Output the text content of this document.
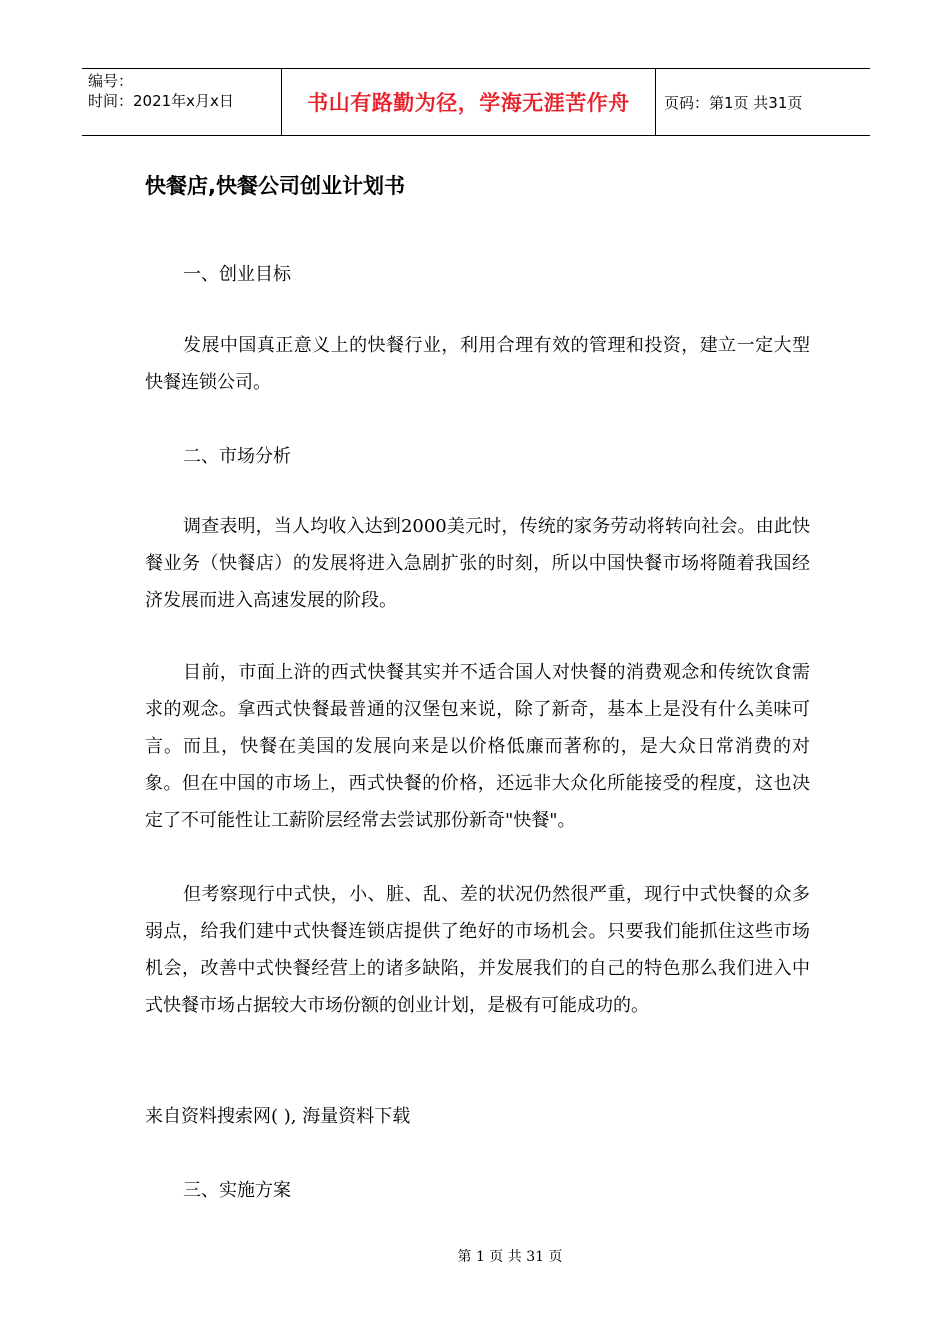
编号：
时间：2021年x月x日	书山有路勤为径，学海无涯苦作舟	页码：第1页 共31页
快餐店,快餐公司创业计划书
一、创业目标
发展中国真正意义上的快餐行业，利用合理有效的管理和投资，建立一定大型快餐连锁公司。
二、市场分析
调查表明，当人均收入达到2000美元时，传统的家务劳动将转向社会。由此快餐业务（快餐店）的发展将进入急剧扩张的时刻，所以中国快餐市场将随着我国经济发展而进入高速发展的阶段。
目前，市面上浒的西式快餐其实并不适合国人对快餐的消费观念和传统饮食需求的观念。拿西式快餐最普通的汉堡包来说，除了新奇，基本上是没有什么美味可言。而且，快餐在美国的发展向来是以价格低廉而著称的，是大众日常消费的对象。但在中国的市场上，西式快餐的价格，还远非大众化所能接受的程度，这也决定了不可能性让工薪阶层经常去尝试那份新奇"快餐"。
但考察现行中式快，小、脏、乱、差的状况仍然很严重，现行中式快餐的众多弱点，给我们建中式快餐连锁店提供了绝好的市场机会。只要我们能抓住这些市场机会，改善中式快餐经营上的诸多缺陷，并发展我们的自己的特色那么我们进入中式快餐市场占据较大市场份额的创业计划，是极有可能成功的。
来自资料搜索网( ), 海量资料下载
三、实施方案
第 1 页 共 31 页
